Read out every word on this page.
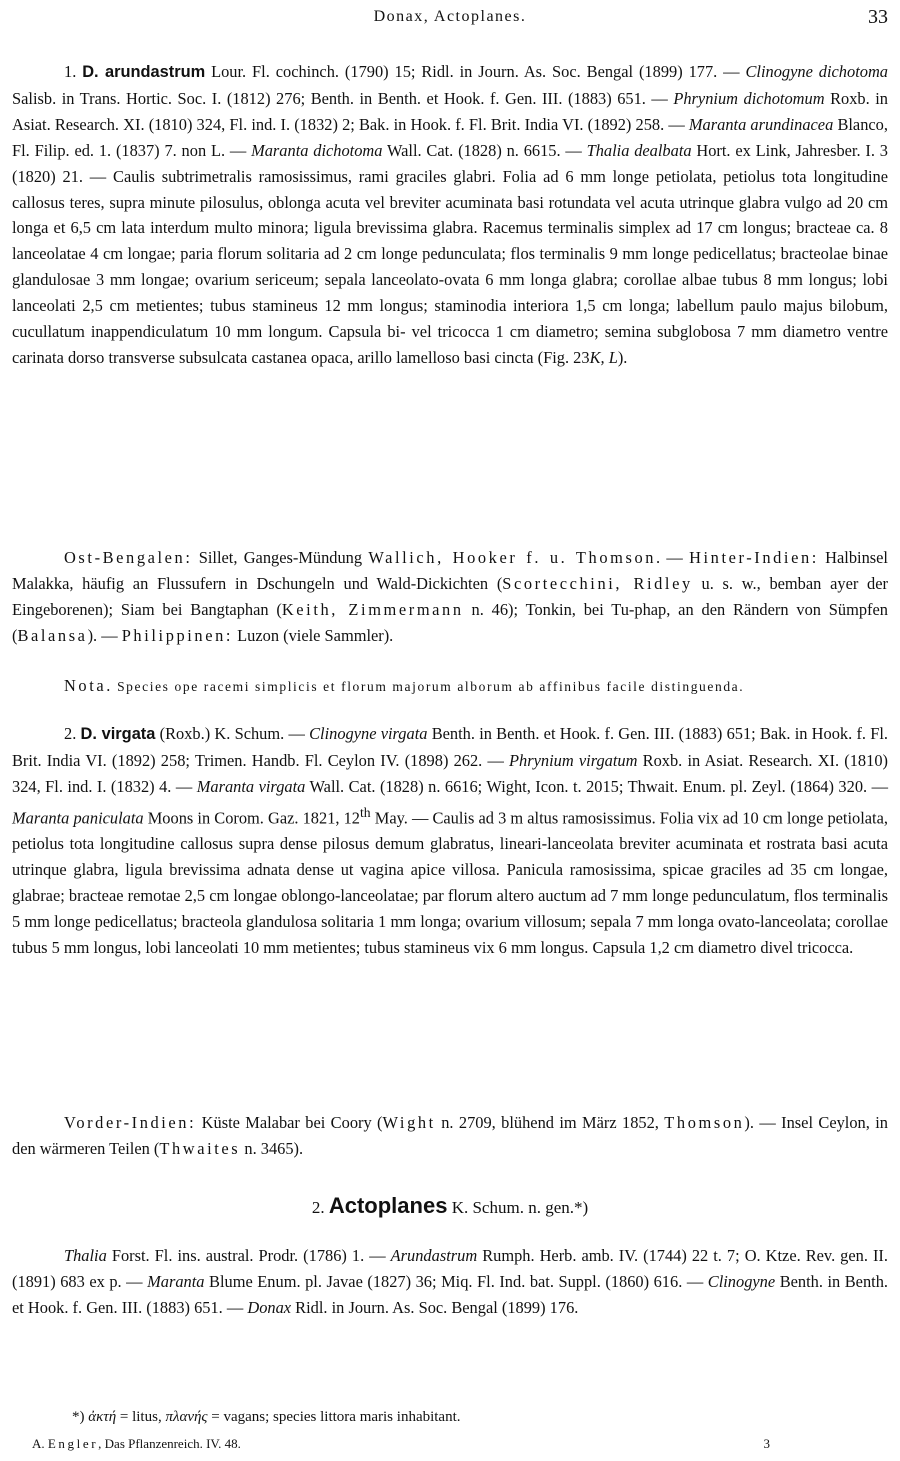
Donax, Actoplanes.	33

1. D. arundastrum Lour. Fl. cochinch. (1790) 15; Ridl. in Journ. As. Soc. Bengal (1899) 177. — Clinogyne dichotoma Salisb. in Trans. Hortic. Soc. I. (1812) 276; Benth. in Benth. et Hook. f. Gen. III. (1883) 651. — Phrynium dichotomum Roxb. in Asiat. Research. XI. (1810) 324, Fl. ind. I. (1832) 2; Bak. in Hook. f. Fl. Brit. India VI. (1892) 258. — Maranta arundinacea Blanco, Fl. Filip. ed. 1. (1837) 7. non L. — Maranta dichotoma Wall. Cat. (1828) n. 6615. — Thalia dealbata Hort. ex Link, Jahresber. I. 3 (1820) 21. — Caulis subtrimetralis ramosissimus, rami graciles glabri. Folia ad 6 mm longe petiolata, petiolus tota longitudine callosus teres, supra minute pilosulus, oblonga acuta vel breviter acuminata basi rotundata vel acuta utrinque glabra vulgo ad 20 cm longa et 6,5 cm lata interdum multo minora; ligula brevissima glabra. Racemus terminalis simplex ad 17 cm longus; bracteae ca. 8 lanceolatae 4 cm longae; paria florum solitaria ad 2 cm longe pedunculata; flos terminalis 9 mm longe pedicellatus; bracteolae binae glandulosae 3 mm longae; ovarium sericeum; sepala lanceolato-ovata 6 mm longa glabra; corollae albae tubus 8 mm longus; lobi lanceolati 2,5 cm metientes; tubus stamineus 12 mm longus; staminodia interiora 1,5 cm longa; labellum paulo majus bilobum, cucullatum inappendiculatum 10 mm longum. Capsula bi- vel tricocca 1 cm diametro; semina subglobosa 7 mm diametro ventre carinata dorso transverse subsulcata castanea opaca, arillo lamelloso basi cincta (Fig. 23K, L).

Ost-Bengalen: Sillet, Ganges-Mündung Wallich, Hooker f. u. Thomson. — Hinter-Indien: Halbinsel Malakka, häufig an Flussufern in Dschungeln und Wald-Dickichten (Scortecchini, Ridley u. s. w., bemban ayer der Eingeborenen); Siam bei Bangtaphan (Keith, Zimmermann n. 46); Tonkin, bei Tu-phap, an den Rändern von Sümpfen (Balansa). — Philippinen: Luzon (viele Sammler).

Nota. Species ope racemi simplicis et florum majorum alborum ab affinibus facile distinguenda.

2. D. virgata (Roxb.) K. Schum. — Clinogyne virgata Benth. in Benth. et Hook. f. Gen. III. (1883) 651; Bak. in Hook. f. Fl. Brit. India VI. (1892) 258; Trimen. Handb. Fl. Ceylon IV. (1898) 262. — Phrynium virgatum Roxb. in Asiat. Research. XI. (1810) 324, Fl. ind. I. (1832) 4. — Maranta virgata Wall. Cat. (1828) n. 6616; Wight, Icon. t. 2015; Thwait. Enum. pl. Zeyl. (1864) 320. — Maranta paniculata Moons in Corom. Gaz. 1821, 12th May. — Caulis ad 3 m altus ramosissimus. Folia vix ad 10 cm longe petiolata, petiolus tota longitudine callosus supra dense pilosus demum glabratus, lineari-lanceolata breviter acuminata et rostrata basi acuta utrinque glabra, ligula brevissima adnata dense ut vagina apice villosa. Panicula ramosissima, spicae graciles ad 35 cm longae, glabrae; bracteae remotae 2,5 cm longae oblongo-lanceolatae; par florum altero auctum ad 7 mm longe pedunculatum, flos terminalis 5 mm longe pedicellatus; bracteola glandulosa solitaria 1 mm longa; ovarium villosum; sepala 7 mm longa ovato-lanceolata; corollae tubus 5 mm longus, lobi lanceolati 10 mm metientes; tubus stamineus vix 6 mm longus. Capsula 1,2 cm diametro divel tricocca.

Vorder-Indien: Küste Malabar bei Coory (Wight n. 2709, blühend im März 1852, Thomson). — Insel Ceylon, in den wärmeren Teilen (Thwaites n. 3465).

2. Actoplanes K. Schum. n. gen.*)

Thalia Forst. Fl. ins. austral. Prodr. (1786) 1. — Arundastrum Rumph. Herb. amb. IV. (1744) 22 t. 7; O. Ktze. Rev. gen. II. (1891) 683 ex p. — Maranta Blume Enum. pl. Javae (1827) 36; Miq. Fl. Ind. bat. Suppl. (1860) 616. — Clinogyne Benth. in Benth. et Hook. f. Gen. III. (1883) 651. — Donax Ridl. in Journ. As. Soc. Bengal (1899) 176.

*) ἀκτή = litus, πλανής = vagans; species littora maris inhabitant.
A. Engler, Das Pflanzenreich. IV. 48.	3
